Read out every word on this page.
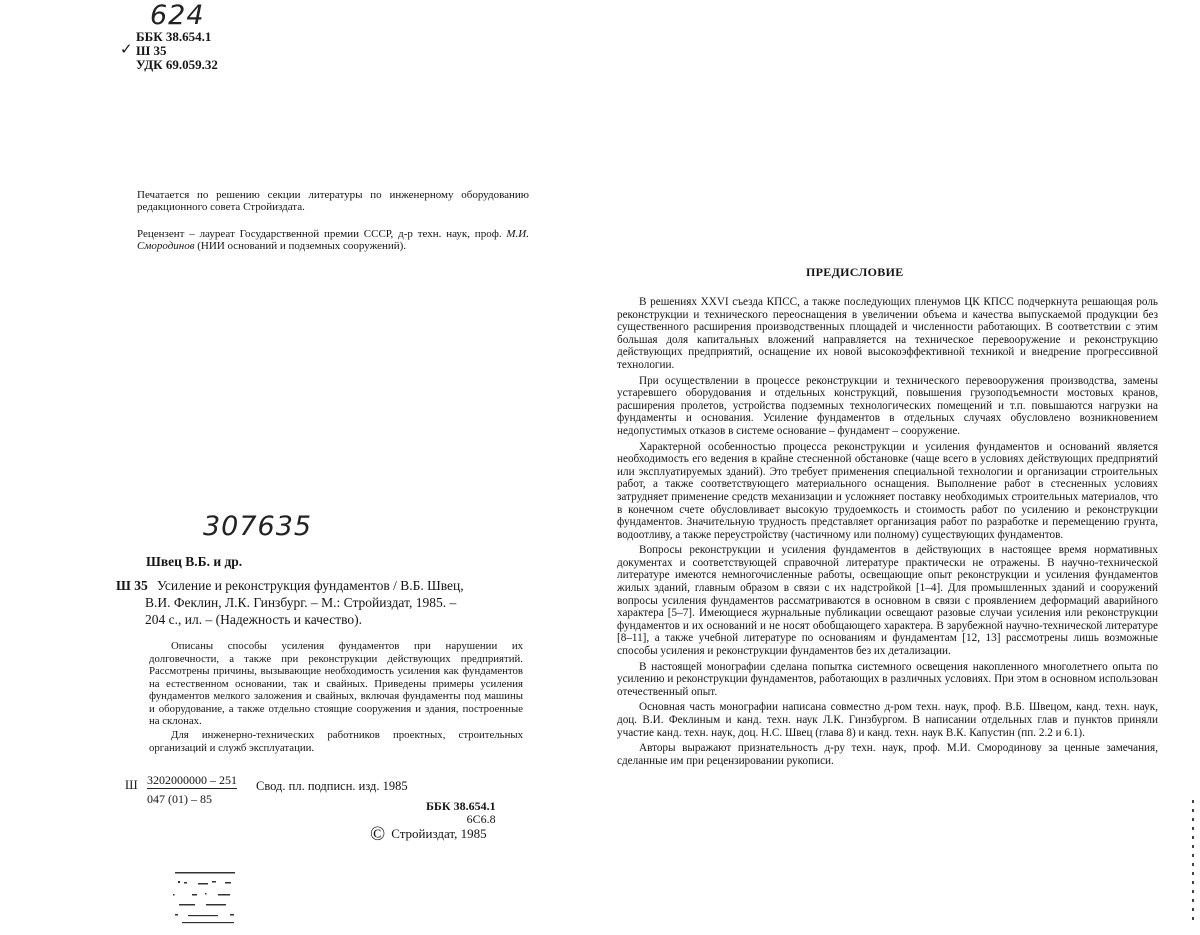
624
ББК 38.654.1
✓ Ш 35
УДК 69.059.32

Печатается по решению секции литературы по инженерному оборудованию редакционного совета Стройиздата.

Рецензент – лауреат Государственной премии СССР, д-р техн. наук, проф. М.И. Смородинов (НИИ оснований и подземных сооружений).

307635
Швец В.Б. и др.
Ш 35 Усиление и реконструкция фундаментов / В.Б. Швец,
В.И. Феклин, Л.К. Гинзбург. – М.: Стройиздат, 1985. –
204 с., ил. – (Надежность и качество).

Описаны способы усиления фундаментов при нарушении их долговечности, а также при реконструкции действующих предприятий. Рассмотрены причины, вызывающие необходимость усиления как фундаментов на естественном основании, так и свайных. Приведены примеры усиления фундаментов мелкого заложения и свайных, включая фундаменты под машины и оборудование, а также отдельно стоящие сооружения и здания, построенные на склонах.

Для инженерно-технических работников проектных, строительных организаций и служб эксплуатации.

Ш $\frac{3202000000 - 251}{047 (01) - 85}$ Свод. пл. подписн. изд. 1985
ББК 38.654.1
6С6.8
© Стройиздат, 1985
ПРЕДИСЛОВИЕ

В решениях XXVI съезда КПСС, а также последующих пленумов ЦК КПСС подчеркнута решающая роль реконструкции и технического переоснащения в увеличении объема и качества выпускаемой продукции без существенного расширения производственных площадей и численности работающих. В соответствии с этим большая доля капитальных вложений направляется на техническое перевооружение и реконструкцию действующих предприятий, оснащение их новой высокоэффективной техникой и внедрение прогрессивной технологии.

При осуществлении в процессе реконструкции и технического перевооружения производства, замены устаревшего оборудования и отдельных конструкций, повышения грузоподъемности мостовых кранов, расширения пролетов, устройства подземных технологических помещений и т.п. повышаются нагрузки на фундаменты и основания. Усиление фундаментов в отдельных случаях обусловлено возникновением недопустимых отказов в системе основание – фундамент – сооружение.

Характерной особенностью процесса реконструкции и усиления фундаментов и оснований является необходимость его ведения в крайне стесненной обстановке (чаще всего в условиях действующих предприятий или эксплуатируемых зданий). Это требует применения специальной технологии и организации строительных работ, а также соответствующего материального оснащения. Выполнение работ в стесненных условиях затрудняет применение средств механизации и усложняет поставку необходимых строительных материалов, что в конечном счете обусловливает высокую трудоемкость и стоимость работ по усилению и реконструкции фундаментов. Значительную трудность представляет организация работ по разработке и перемещению грунта, водоотливу, а также переустройству (частичному или полному) существующих фундаментов.

Вопросы реконструкции и усиления фундаментов в действующих в настоящее время нормативных документах и соответствующей справочной литературе практически не отражены. В научно-технической литературе имеются немногочисленные работы, освещающие опыт реконструкции и усиления фундаментов жилых зданий, главным образом в связи с их надстройкой [1–4]. Для промышленных зданий и сооружений вопросы усиления фундаментов рассматриваются в основном в связи с проявлением деформаций аварийного характера [5–7]. Имеющиеся журнальные публикации освещают разовые случаи усиления или реконструкции фундаментов и их оснований и не носят обобщающего характера. В зарубежной научно-технической литературе [8–11], а также учебной литературе по основаниям и фундаментам [12, 13] рассмотрены лишь возможные способы усиления и реконструкции фундаментов без их детализации.

В настоящей монографии сделана попытка системного освещения накопленного многолетнего опыта по усилению и реконструкции фундаментов, работающих в различных условиях. При этом в основном использован отечественный опыт.

Основная часть монографии написана совместно д-ром техн. наук, проф. В.Б. Швецом, канд. техн. наук, доц. В.И. Феклиным и канд. техн. наук Л.К. Гинзбургом. В написании отдельных глав и пунктов приняли участие канд. техн. наук, доц. Н.С. Швец (глава 8) и канд. техн. наук В.К. Капустин (пп. 2.2 и 6.1).

Авторы выражают признательность д-ру техн. наук, проф. М.И. Смородинову за ценные замечания, сделанные им при рецензировании рукописи.
